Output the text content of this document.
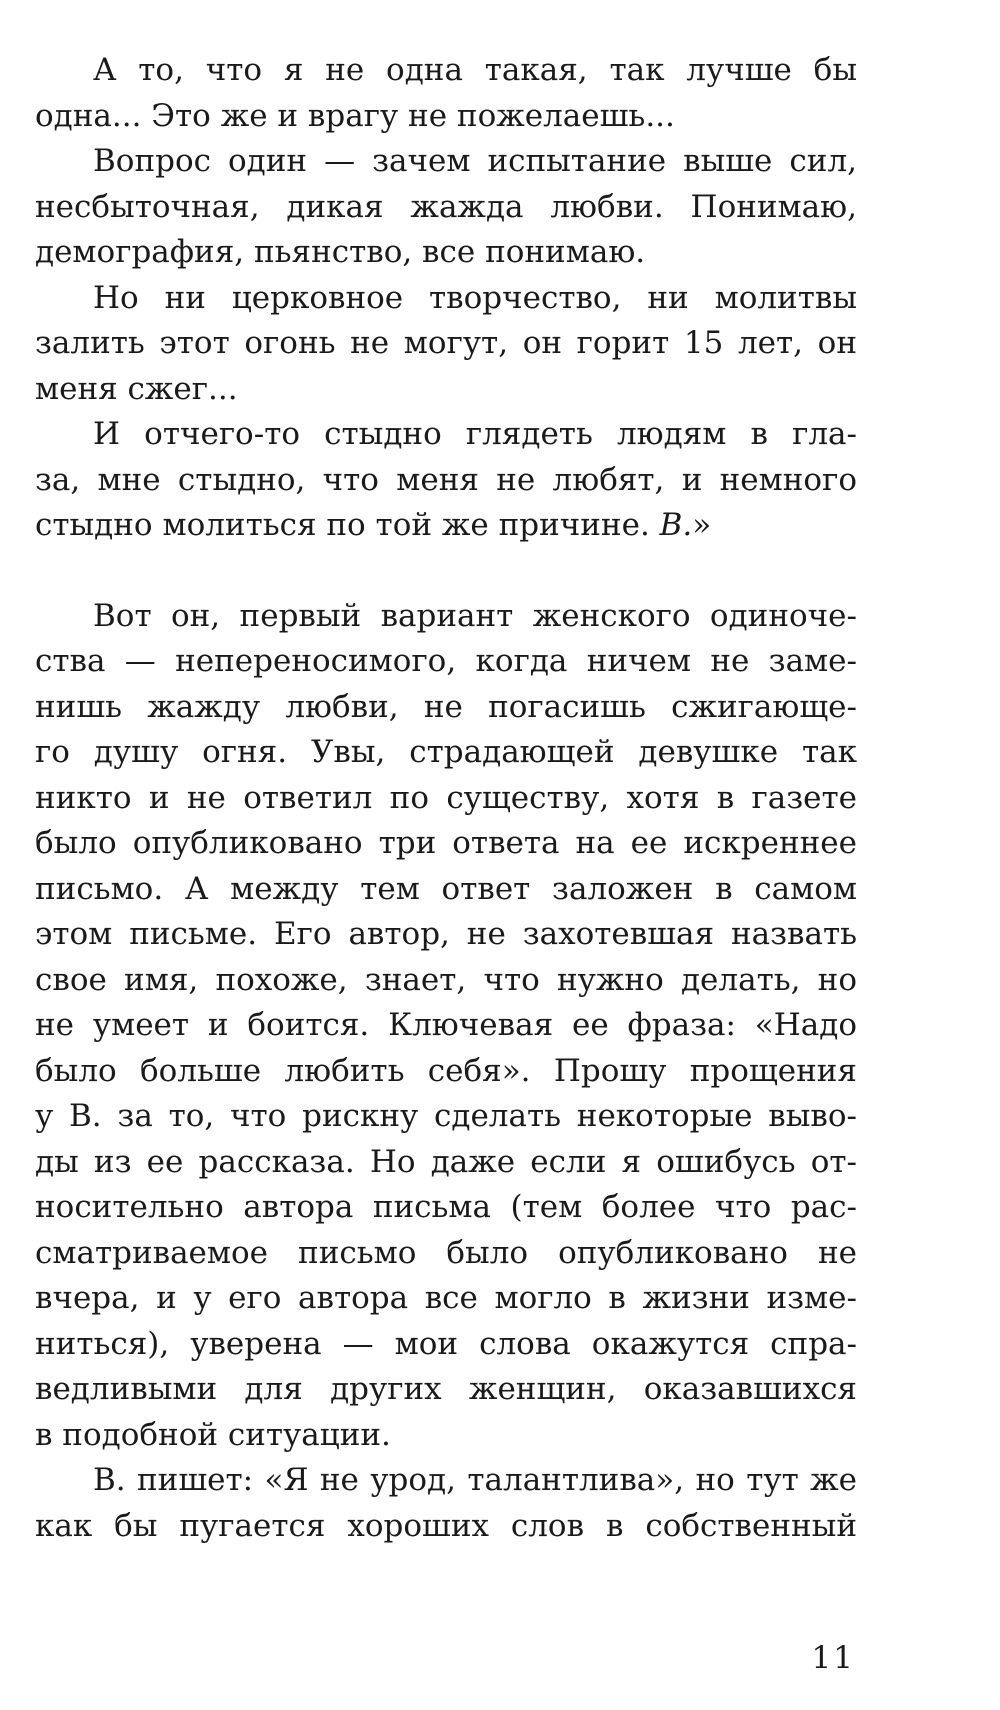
А то, что я не одна такая, так лучше бы
одна... Это же и врагу не пожелаешь...
Вопрос один — зачем испытание выше сил,
несбыточная, дикая жажда любви. Понимаю,
демография, пьянство, все понимаю.
Но ни церковное творчество, ни молитвы
залить этот огонь не могут, он горит 15 лет, он
меня сжег...
И отчего-то стыдно глядеть людям в гла-
за, мне стыдно, что меня не любят, и немного
стыдно молиться по той же причине. В.»
Вот он, первый вариант женского одиноче-
ства — непереносимого, когда ничем не заме-
нишь жажду любви, не погасишь сжигающе-
го душу огня. Увы, страдающей девушке так
никто и не ответил по существу, хотя в газете
было опубликовано три ответа на ее искреннее
письмо. А между тем ответ заложен в самом
этом письме. Его автор, не захотевшая назвать
свое имя, похоже, знает, что нужно делать, но
не умеет и боится. Ключевая ее фраза: «Надо
было больше любить себя». Прошу прощения
у В. за то, что рискну сделать некоторые выво-
ды из ее рассказа. Но даже если я ошибусь от-
носительно автора письма (тем более что рас-
сматриваемое письмо было опубликовано не
вчера, и у его автора все могло в жизни изме-
ниться), уверена — мои слова окажутся спра-
ведливыми для других женщин, оказавшихся
в подобной ситуации.
В. пишет: «Я не урод, талантлива», но тут же
как бы пугается хороших слов в собственный
11
